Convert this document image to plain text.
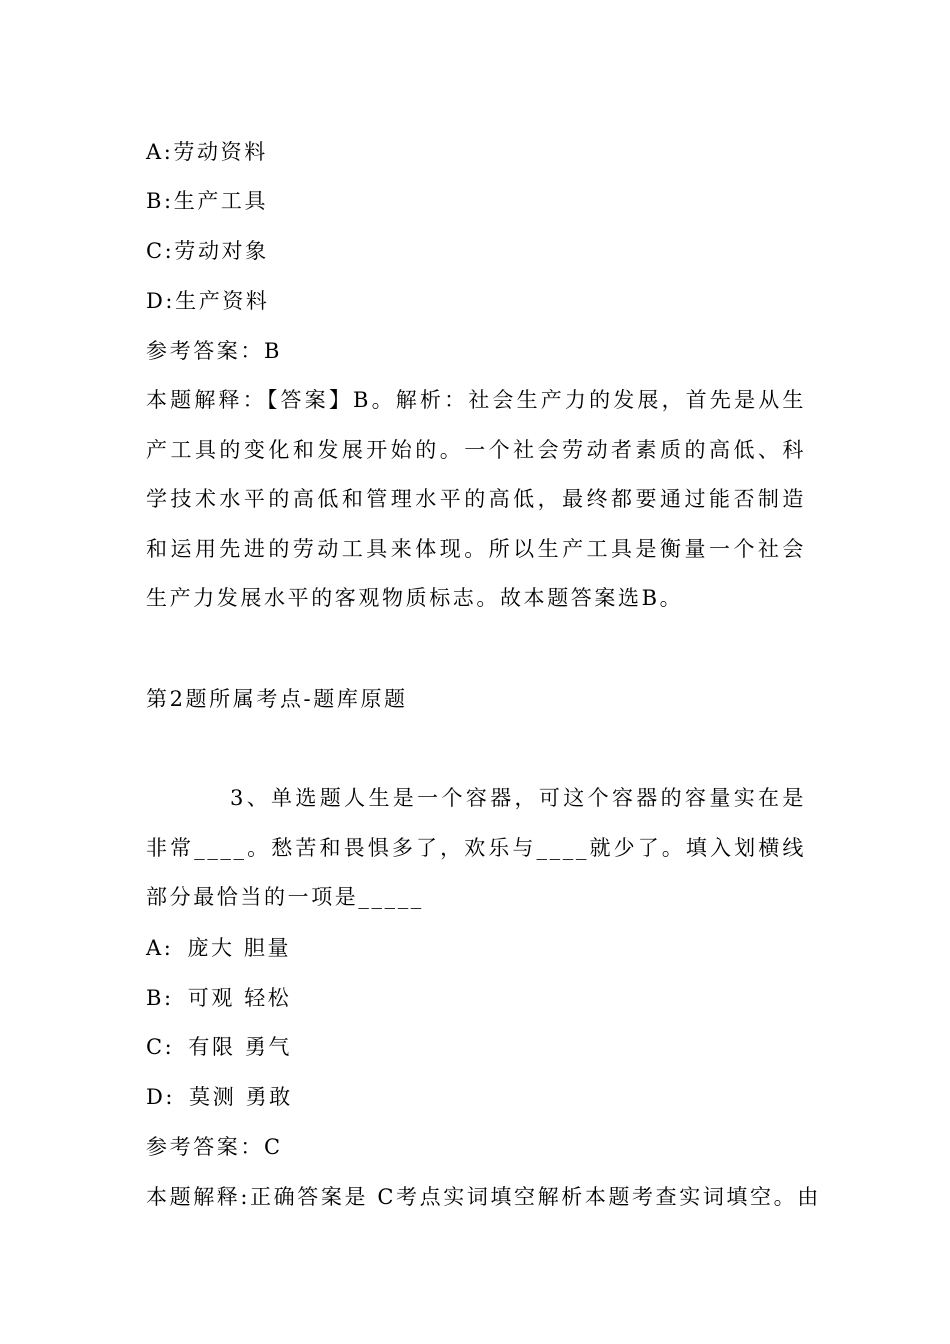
A:劳动资料
B:生产工具
C:劳动对象
D:生产资料
参考答案：B

本题解释：【答案】B。解析：社会生产力的发展，首先是从生产工具的变化和发展开始的。一个社会劳动者素质的高低、科学技术水平的高低和管理水平的高低，最终都要通过能否制造和运用先进的劳动工具来体现。所以生产工具是衡量一个社会生产力发展水平的客观物质标志。故本题答案选B。

第2题所属考点-题库原题

3、单选题人生是一个容器，可这个容器的容量实在是非常____。愁苦和畏惧多了，欢乐与____就少了。填入划横线部分最恰当的一项是_____

A: 庞大 胆量
B: 可观 轻松
C: 有限 勇气
D: 莫测 勇敢
参考答案：C
本题解释:正确答案是 C考点实词填空解析本题考查实词填空。由
